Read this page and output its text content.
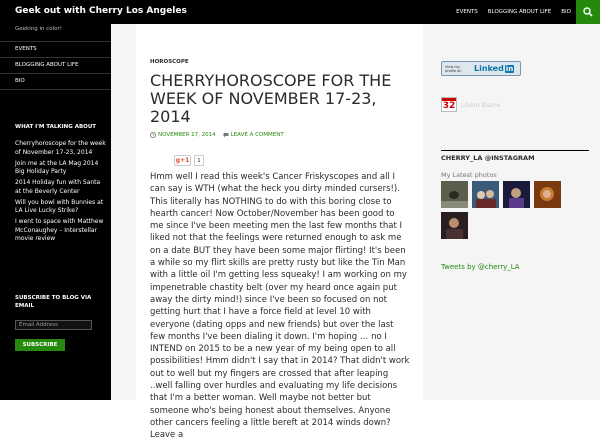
Geek out with Cherry Los Angeles	EVENTS	BLOGGING ABOUT LIFE	BIO
Geeking in color!
EVENTS
BLOGGING ABOUT LIFE
BIO
WHAT I'M TALKING ABOUT
Cherryhoroscope for the week of November 17-23, 2014
Join me at the LA Mag 2014 Big Holiday Party
2014 Holiday fun with Santa at the Beverly Center
Will you bowl with Bunnies at LA Live Lucky Strike?
I went to space with Matthew McConaughey – Interstellar movie review
SUBSCRIBE TO BLOG VIA EMAIL
Email Address
SUBSCRIBE
HOROSCOPE
CHERRYHOROSCOPE FOR THE WEEK OF NOVEMBER 17-23, 2014
NOVEMBER 17, 2014	LEAVE A COMMENT
g+1	1
Hmm well I read this week's Cancer Friskyscopes and all I can say is WTH (what the heck you dirty minded cursers!). This literally has NOTHING to do with this boring close to hearth cancer! Now October/November has been good to me since I've been meeting men the last few months that I liked not that the feelings were returned enough to ask me on a date BUT they have been some major flirting! It's been a while so my flirt skills are pretty rusty but like the Tin Man with a little oil I'm getting less squeaky! I am working on my impenetrable chastity belt (over my heard once again put away the dirty mind!) since I've been so focused on not getting hurt that I have a force field at level 10 with everyone (dating opps and new friends) but over the last few months I've been dialing it down. I'm hoping … no I INTEND on 2015 to be a new year of my being open to all possibilities! Hmm didn't I say that in 2014? That didn't work out to well but my fingers are crossed that after leaping ..well falling over hurdles and evaluating my life decisions that I'm a better woman. Well maybe not better but someone who's being honest about themselves. Anyone other cancers feeling a little bereft at 2014 winds down? Leave a
View my profile on	Linked in
32 Libero Blame
CHERRY_LA @INSTAGRAM
My Latest photos
Tweets by @cherry_LA
